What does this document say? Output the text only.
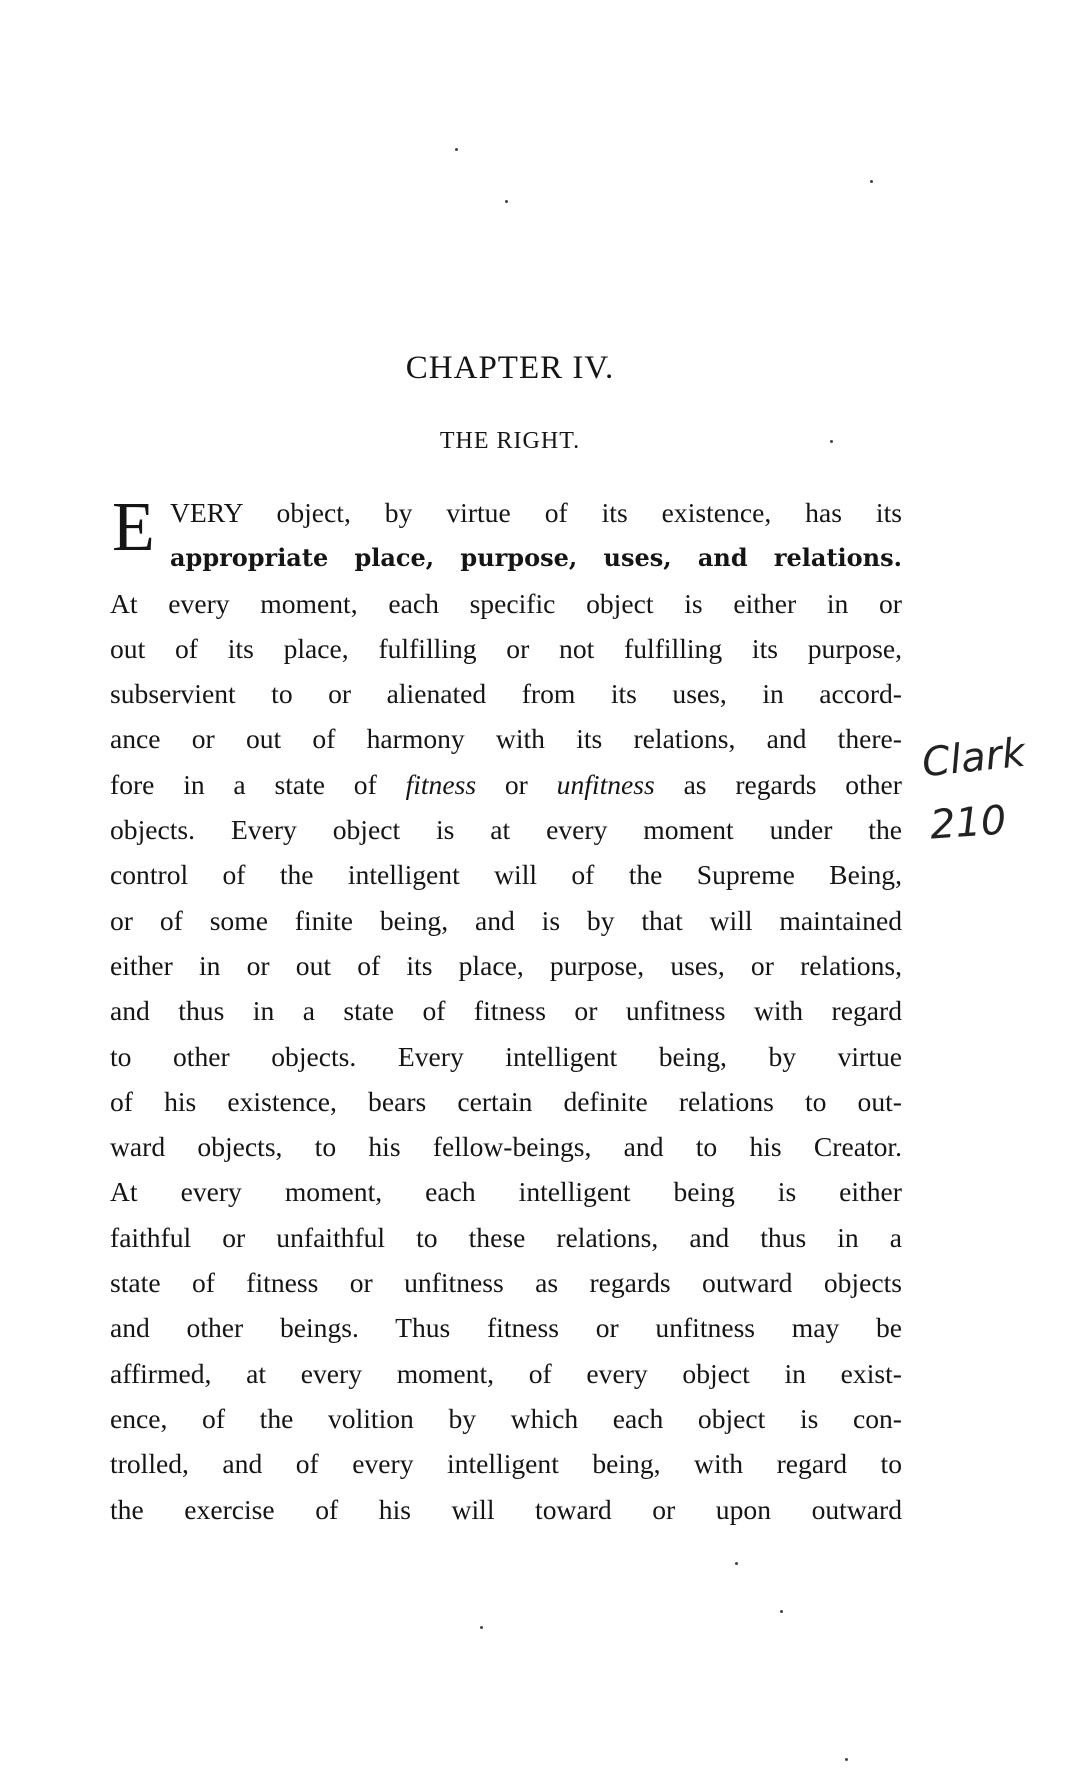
CHAPTER IV.
THE RIGHT.
E VERY object, by virtue of its existence, has its
appropriate place, purpose, uses, and relations.
At every moment, each specific object is either in or
out of its place, fulfilling or not fulfilling its purpose,
subservient to or alienated from its uses, in accord-
ance or out of harmony with its relations, and there-
fore in a state of fitness or unfitness as regards other
objects. Every object is at every moment under the
control of the intelligent will of the Supreme Being,
or of some finite being, and is by that will maintained
either in or out of its place, purpose, uses, or relations,
and thus in a state of fitness or unfitness with regard
to other objects. Every intelligent being, by virtue
of his existence, bears certain definite relations to out-
ward objects, to his fellow-beings, and to his Creator.
At every moment, each intelligent being is either
faithful or unfaithful to these relations, and thus in a
state of fitness or unfitness as regards outward objects
and other beings. Thus fitness or unfitness may be
affirmed, at every moment, of every object in exist-
ence, of the volition by which each object is con-
trolled, and of every intelligent being, with regard to
the exercise of his will toward or upon outward
Clark
210
